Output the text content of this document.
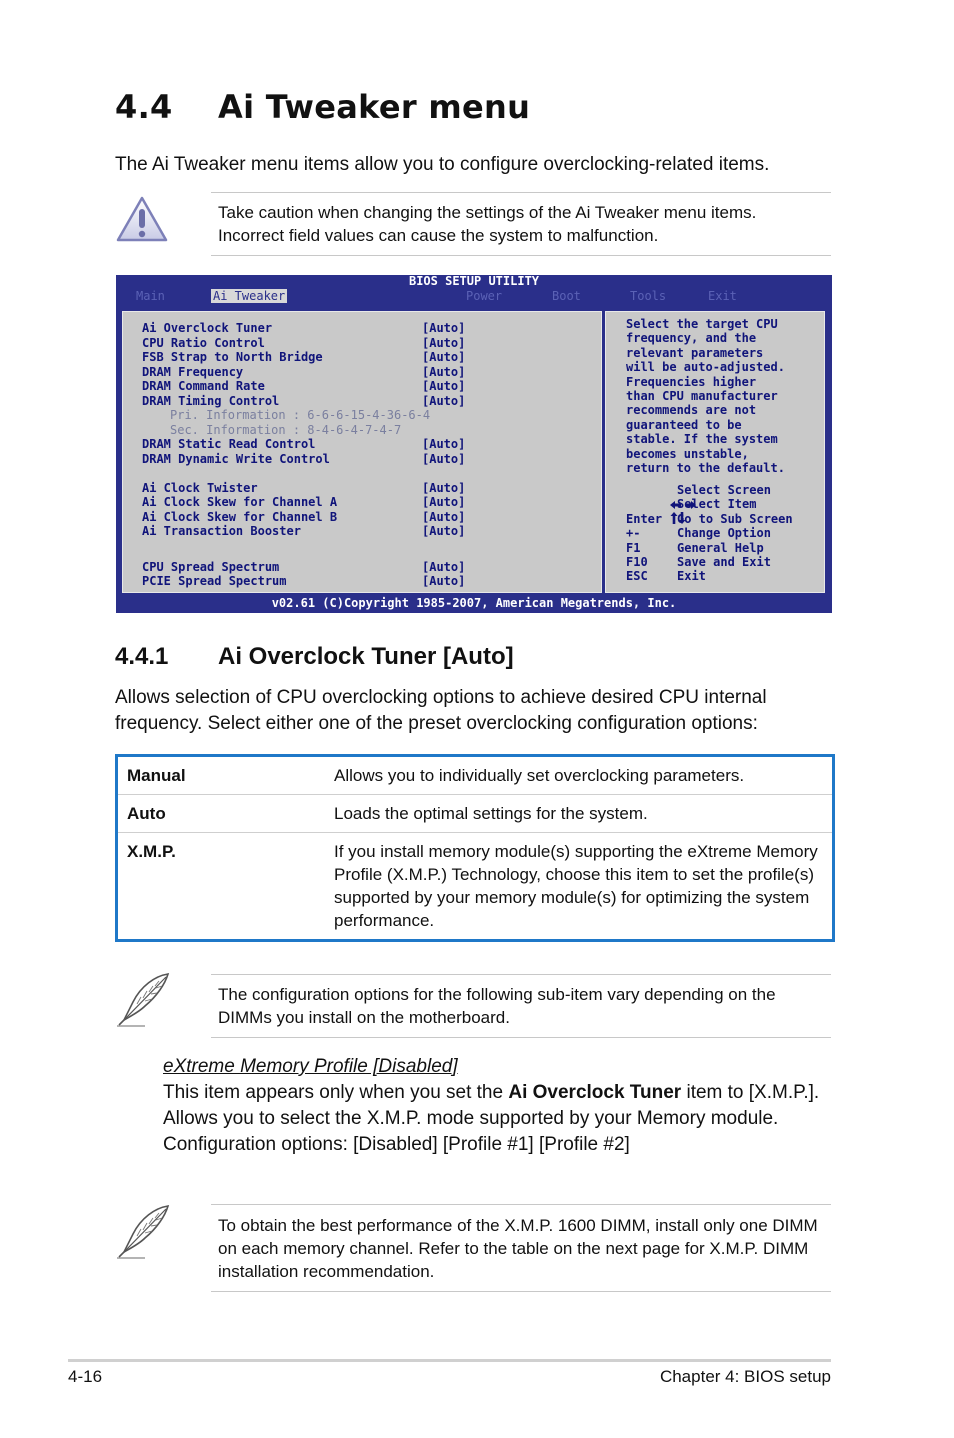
4.4 Ai Tweaker menu
The Ai Tweaker menu items allow you to configure overclocking-related items.
Take caution when changing the settings of the Ai Tweaker menu items.
Incorrect field values can cause the system to malfunction.
BIOS SETUP UTILITY
Main	Ai Tweaker	Power	Boot	Tools	Exit
Ai Overclock Tuner	[Auto]
CPU Ratio Control	[Auto]
FSB Strap to North Bridge	[Auto]
DRAM Frequency	[Auto]
DRAM Command Rate	[Auto]
DRAM Timing Control	[Auto]
Pri. Information : 6-6-6-15-4-36-6-4
Sec. Information : 8-4-6-4-7-4-7
DRAM Static Read Control	[Auto]
DRAM Dynamic Write Control	[Auto]
Ai Clock Twister	[Auto]
Ai Clock Skew for Channel A	[Auto]
Ai Clock Skew for Channel B	[Auto]
Ai Transaction Booster	[Auto]
CPU Spread Spectrum	[Auto]
PCIE Spread Spectrum	[Auto]
Select the target CPU
frequency, and the
relevant parameters
will be auto-adjusted.
Frequencies higher
than CPU manufacturer
recommends are not
guaranteed to be
stable. If the system
becomes unstable,
return to the default.

Select Screen

Select Item
Enter Go to Sub Screen
+-	Change Option
F1	General Help
F10 Save and Exit
ESC Exit
v02.61 (C)Copyright 1985-2007, American Megatrends, Inc.
4.4.1 Ai Overclock Tuner [Auto]
Allows selection of CPU overclocking options to achieve desired CPU internal frequency. Select either one of the preset overclocking configuration options:
Manual	Allows you to individually set overclocking parameters.
Auto	Loads the optimal settings for the system.
X.M.P.	If you install memory module(s) supporting the eXtreme Memory Profile (X.M.P.) Technology, choose this item to set the profile(s) supported by your memory module(s) for optimizing the system performance.
The configuration options for the following sub-item vary depending on the
DIMMs you install on the motherboard.
eXtreme Memory Profile [Disabled]
This item appears only when you set the Ai Overclock Tuner item to [X.M.P.]. Allows you to select the X.M.P. mode supported by your Memory module.
Configuration options: [Disabled] [Profile #1] [Profile #2]
To obtain the best performance of the X.M.P. 1600 DIMM, install only one DIMM
on each memory channel. Refer to the table on the next page for X.M.P. DIMM
installation recommendation.
4-16	Chapter 4: BIOS setup
